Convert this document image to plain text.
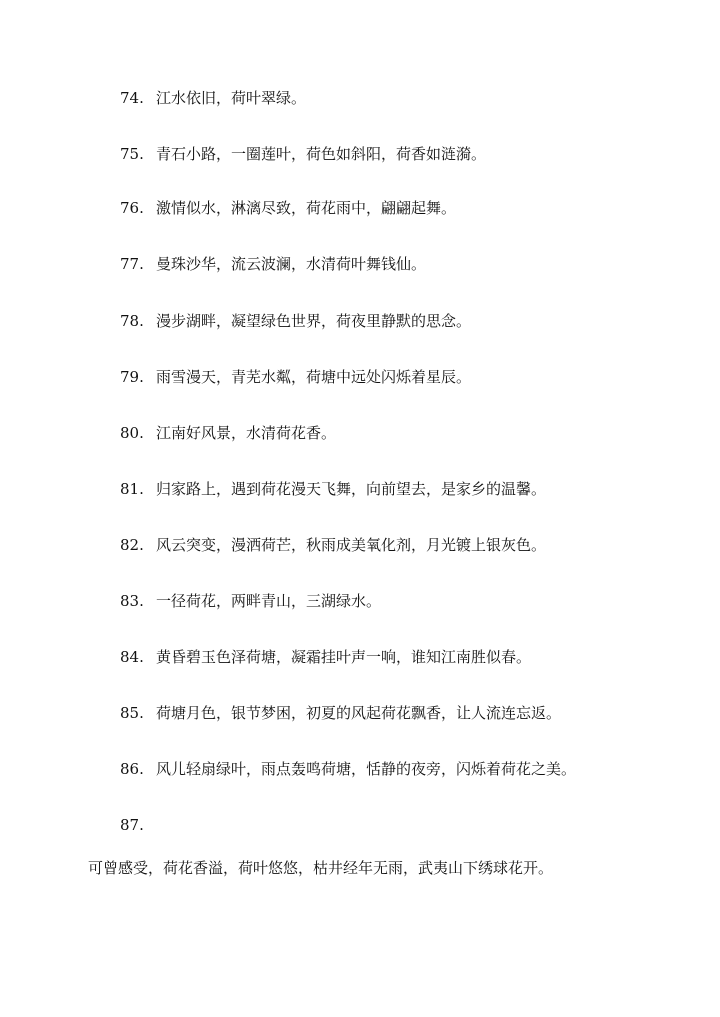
74. 江水依旧，荷叶翠绿。
75. 青石小路，一圈莲叶，荷色如斜阳，荷香如涟漪。
76. 激情似水，淋漓尽致，荷花雨中，翩翩起舞。
77. 曼珠沙华，流云波澜，水清荷叶舞钱仙。
78. 漫步湖畔，凝望绿色世界，荷夜里静默的思念。
79. 雨雪漫天，青芜水粼，荷塘中远处闪烁着星辰。
80. 江南好风景，水清荷花香。
81. 归家路上，遇到荷花漫天飞舞，向前望去，是家乡的温馨。
82. 风云突变，漫洒荷芒，秋雨成美氧化剂，月光镀上银灰色。
83. 一径荷花，两畔青山，三湖绿水。
84. 黄昏碧玉色泽荷塘，凝霜挂叶声一响，谁知江南胜似春。
85. 荷塘月色，银节梦困，初夏的风起荷花飘香，让人流连忘返。
86. 风儿轻扇绿叶，雨点轰鸣荷塘，恬静的夜旁，闪烁着荷花之美。
87.
可曾感受，荷花香溢，荷叶悠悠，枯井经年无雨，武夷山下绣球花开。
